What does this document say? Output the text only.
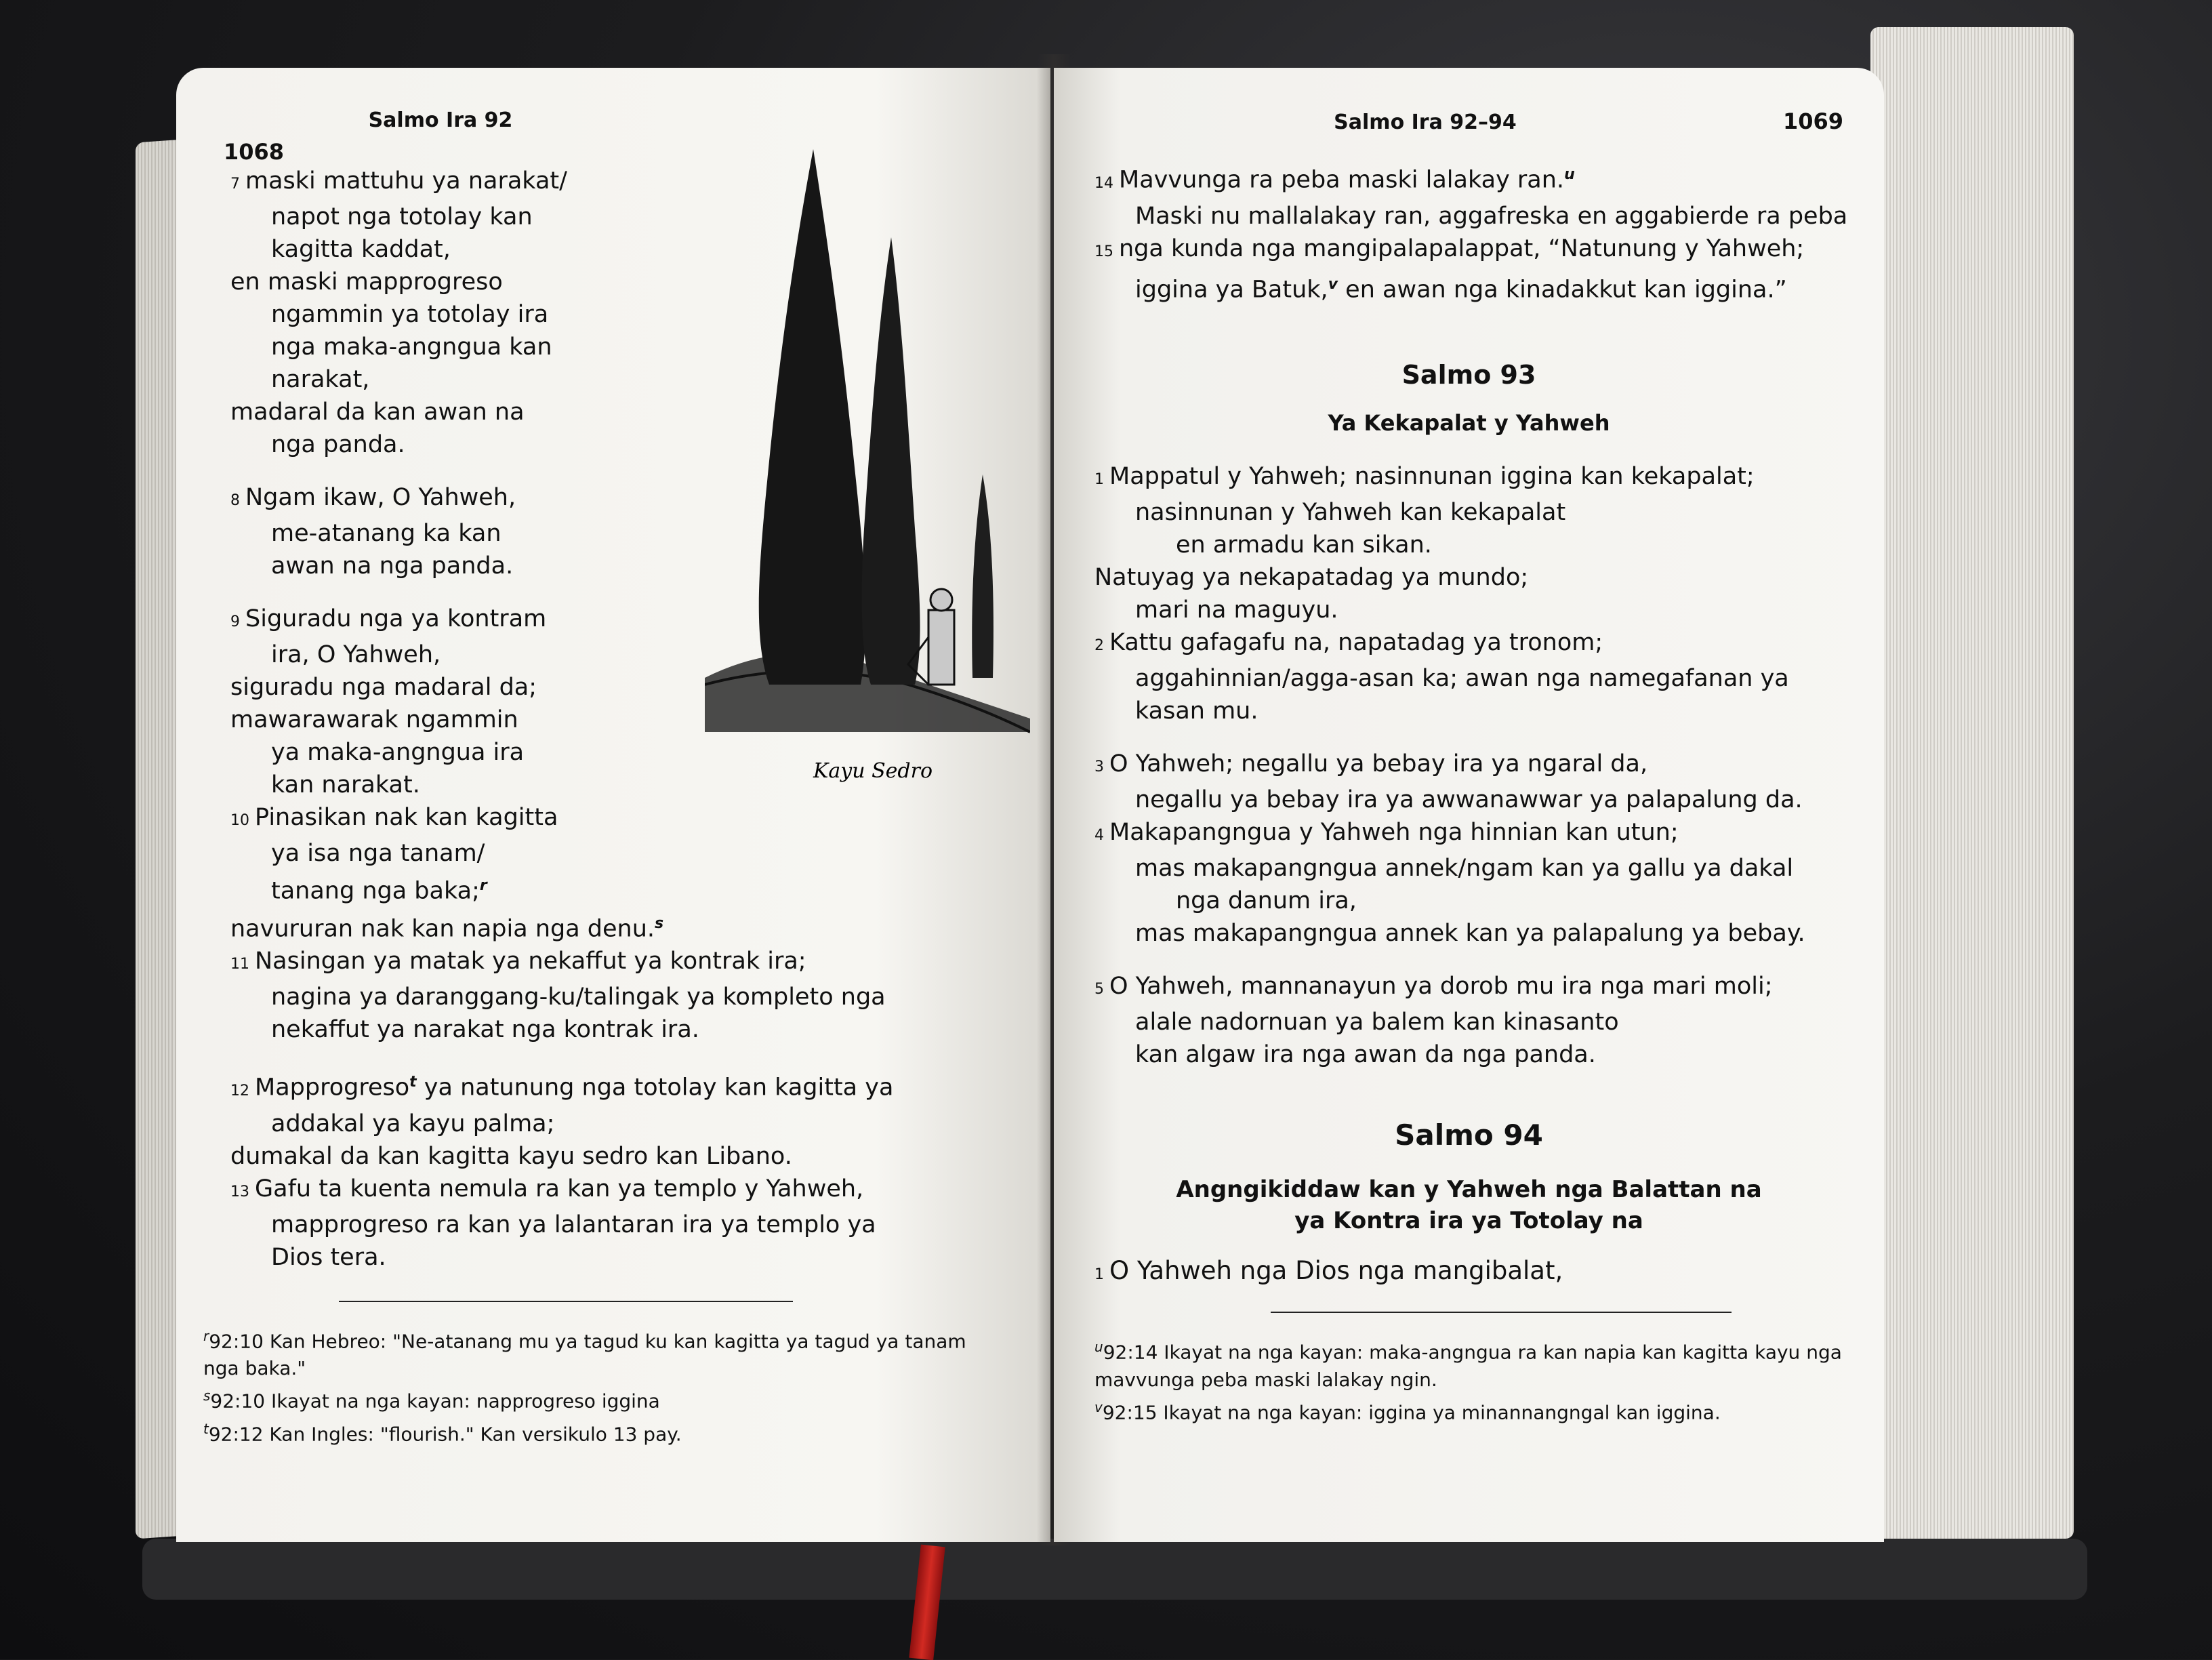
Salmo Ira 92
1068

7 maski mattuhu ya narakat/

napot nga totolay kan

kagitta kaddat,

en maski mapprogreso

ngammin ya totolay ira

nga maka-angngua kan

narakat,

madaral da kan awan na

nga panda.

8 Ngam ikaw, O Yahweh,

me-atanang ka kan

awan na nga panda.

9 Siguradu nga ya kontram

ira, O Yahweh,

siguradu nga madaral da;

mawarawarak ngammin

ya maka-angngua ira

kan narakat.

10 Pinasikan nak kan kagitta

ya isa nga tanam/

tanang nga baka;$^r$

navururan nak kan napia nga denu.$^s$

11 Nasingan ya matak ya nekaffut ya kontrak ira;

nagina ya daranggang-ku/talingak ya kompleto nga

nekaffut ya narakat nga kontrak ira.

12 Mapprogreso$^t$ ya natunung nga totolay kan kagitta ya

addakal ya kayu palma;

dumakal da kan kagitta kayu sedro kan Libano.

13 Gafu ta kuenta nemula ra kan ya templo y Yahweh,

mapprogreso ra kan ya lalantaran ira ya templo ya

Dios tera.

$^r$92:10 Kan Hebreo: "Ne-atanang mu ya tagud ku kan kagitta ya tagud ya tanam nga baka."

$^s$92:10 Ikayat na nga kayan: napprogreso iggina

$^t$92:12 Kan Ingles: "flourish." Kan versikulo 13 pay.

Kayu Sedro
Salmo Ira 92–94	1069

14 Mavvunga ra peba maski lalakay ran.$^u$

Maski nu mallalakay ran, aggafreska en aggabierde ra peba

15 nga kunda nga mangipalapalappat, “Natunung y Yahweh;

iggina ya Batuk,$^v$ en awan nga kinadakkut kan iggina.”

Salmo 93
Ya Kekapalat y Yahweh

1 Mappatul y Yahweh; nasinnunan iggina kan kekapalat;

nasinnunan y Yahweh kan kekapalat

en armadu kan sikan.

Natuyag ya nekapatadag ya mundo;

mari na maguyu.

2 Kattu gafagafu na, napatadag ya tronom;

aggahinnian/agga-asan ka; awan nga namegafanan ya

kasan mu.

3 O Yahweh; negallu ya bebay ira ya ngaral da,

negallu ya bebay ira ya awwanawwar ya palapalung da.

4 Makapangngua y Yahweh nga hinnian kan utun;

mas makapangngua annek/ngam kan ya gallu ya dakal

nga danum ira,

mas makapangngua annek kan ya palapalung ya bebay.

5 O Yahweh, mannanayun ya dorob mu ira nga mari moli;

alale nadornuan ya balem kan kinasanto

kan algaw ira nga awan da nga panda.

Salmo 94
Angngikiddaw kan y Yahweh nga Balattan na
ya Kontra ira ya Totolay na

1 O Yahweh nga Dios nga mangibalat,

$^u$92:14 Ikayat na nga kayan: maka-angngua ra kan napia kan kagitta kayu nga mavvunga peba maski lalakay ngin.

$^v$92:15 Ikayat na nga kayan: iggina ya minannangngal kan iggina.
